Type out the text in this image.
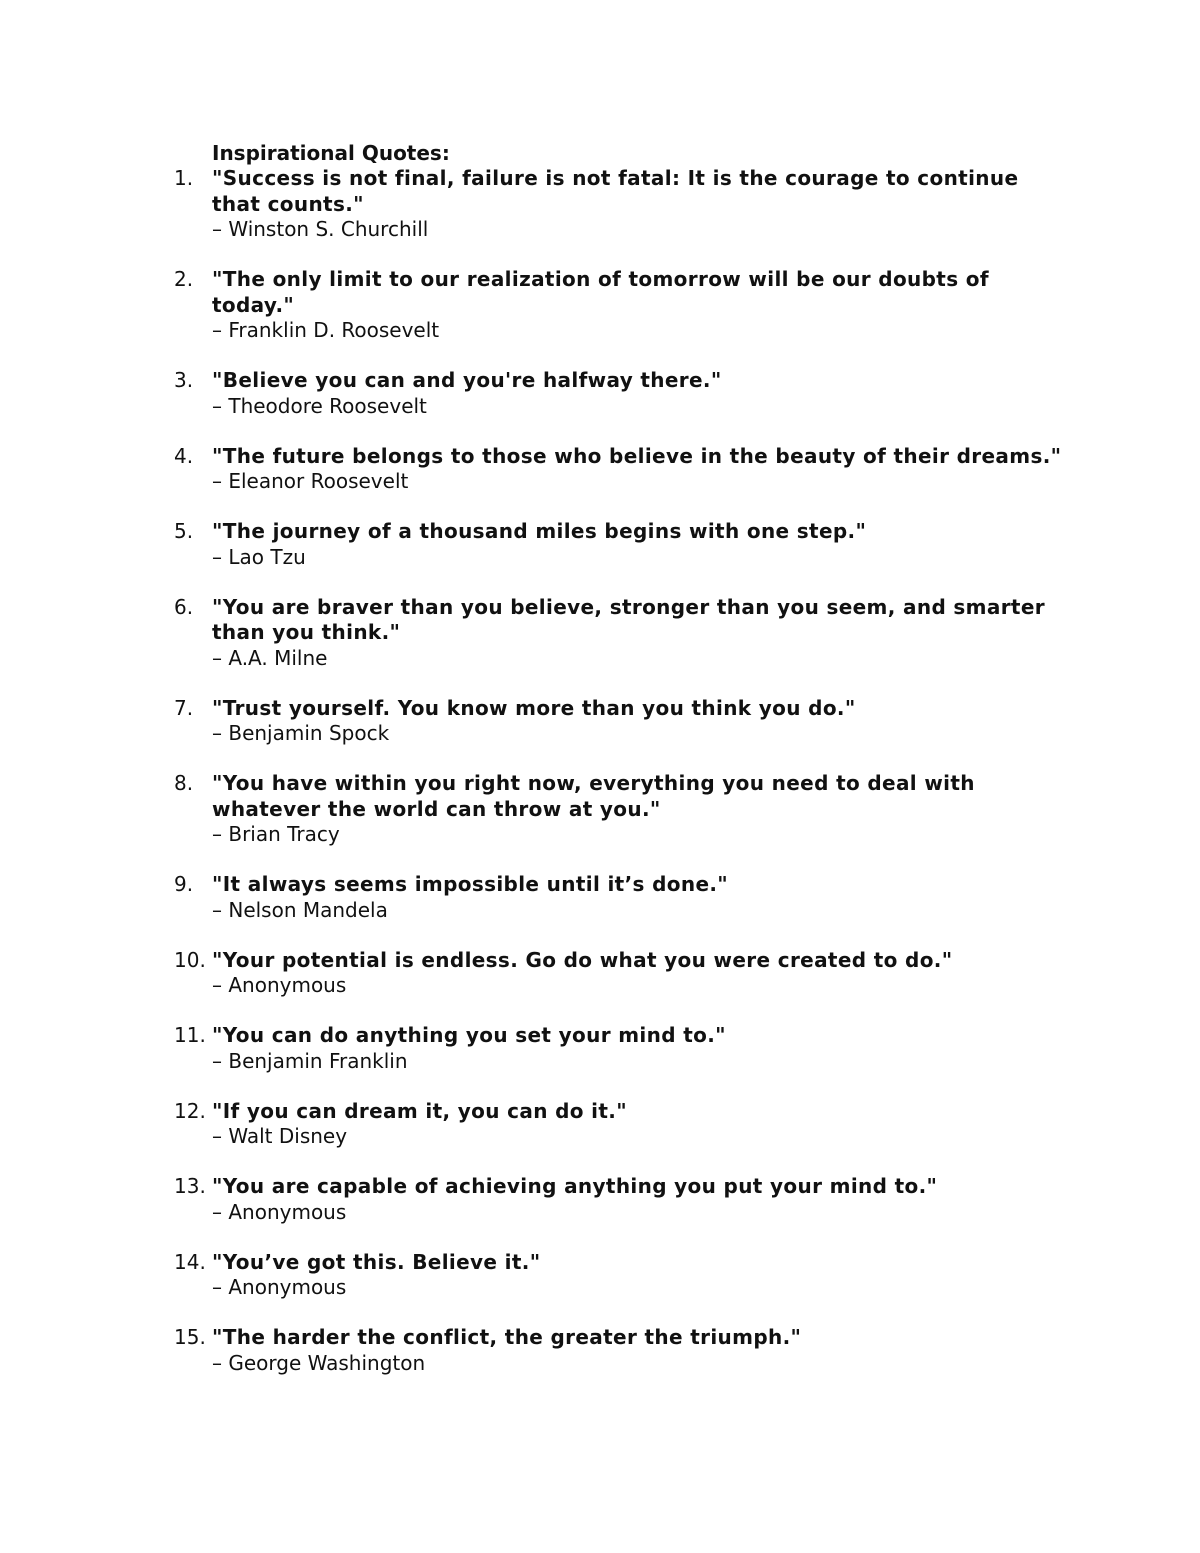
Inspirational Quotes:
1. "Success is not final, failure is not fatal: It is the courage to continue that counts."
– Winston S. Churchill
2. "The only limit to our realization of tomorrow will be our doubts of today."
– Franklin D. Roosevelt
3. "Believe you can and you're halfway there."
– Theodore Roosevelt
4. "The future belongs to those who believe in the beauty of their dreams."
– Eleanor Roosevelt
5. "The journey of a thousand miles begins with one step."
– Lao Tzu
6. "You are braver than you believe, stronger than you seem, and smarter than you think."
– A.A. Milne
7. "Trust yourself. You know more than you think you do."
– Benjamin Spock
8. "You have within you right now, everything you need to deal with whatever the world can throw at you."
– Brian Tracy
9. "It always seems impossible until it’s done."
– Nelson Mandela
10. "Your potential is endless. Go do what you were created to do."
– Anonymous
11. "You can do anything you set your mind to."
– Benjamin Franklin
12. "If you can dream it, you can do it."
– Walt Disney
13. "You are capable of achieving anything you put your mind to."
– Anonymous
14. "You’ve got this. Believe it."
– Anonymous
15. "The harder the conflict, the greater the triumph."
– George Washington
